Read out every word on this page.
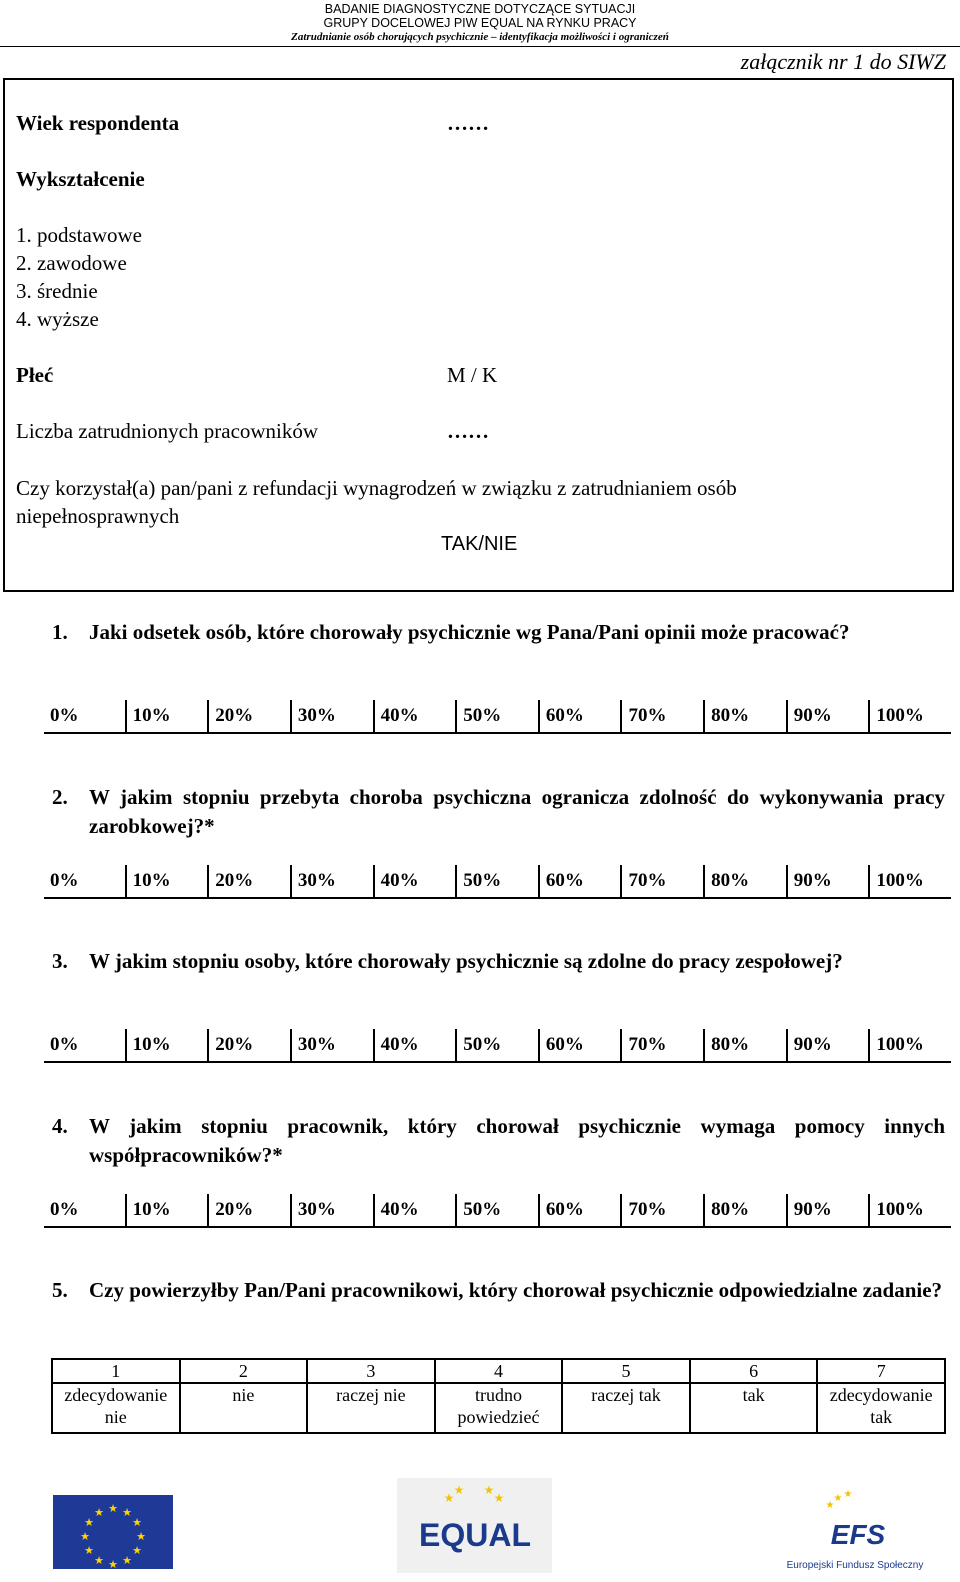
BADANIE DIAGNOSTYCZNE DOTYCZĄCE SYTUACJI
GRUPY DOCELOWEJ PIW EQUAL NA RYNKU PRACY
Zatrudnianie osób chorujących psychicznie – identyfikacja możliwości i ograniczeń
załącznik nr 1 do SIWZ
Wiek respondenta	……
Wykształcenie
1. podstawowe
2. zawodowe
3. średnie
4. wyższe
Płeć	M / K
Liczba zatrudnionych pracowników	……
Czy korzystał(a) pan/pani z refundacji wynagrodzeń w związku z zatrudnianiem osób
niepełnosprawnych
TAK/NIE
1. Jaki odsetek osób, które chorowały psychicznie wg Pana/Pani opinii może pracować?
0%	10%	20%	30%	40%	50%	60%	70%	80%	90%	100%
2. W jakim stopniu przebyta choroba psychiczna ogranicza zdolność do wykonywania pracy zarobkowej?*
0%	10%	20%	30%	40%	50%	60%	70%	80%	90%	100%
3. W jakim stopniu osoby, które chorowały psychicznie są zdolne do pracy zespołowej?
0%	10%	20%	30%	40%	50%	60%	70%	80%	90%	100%
4. W jakim stopniu pracownik, który chorował psychicznie wymaga pomocy innych współpracowników?*
0%	10%	20%	30%	40%	50%	60%	70%	80%	90%	100%
5. Czy powierzyłby Pan/Pani pracownikowi, który chorował psychicznie odpowiedzialne zadanie?
1	2	3	4	5	6	7
zdecydowanie nie	nie	raczej nie	trudno powiedzieć	raczej tak	tak	zdecydowanie tak
★ ★
★
★
★
★
★
★
★
★
★
★
★
★ ★
★
EQUAL
★
★ ★
EFS
Europejski Fundusz Społeczny
